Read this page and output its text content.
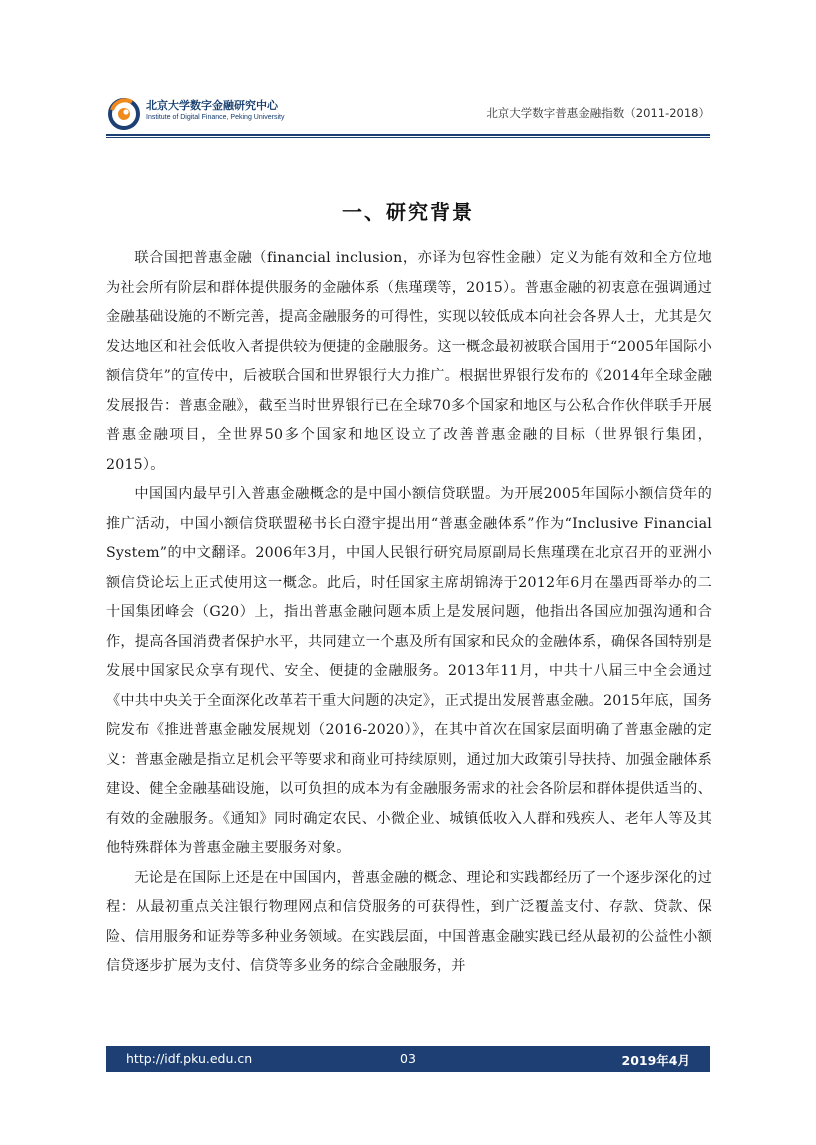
北京大学数字金融研究中心
Institute of Digital Finance, Peking University	北京大学数字普惠金融指数（2011-2018）
一、研究背景

联合国把普惠金融（financial inclusion，亦译为包容性金融）定义为能有效和全方位地为社会所有阶层和群体提供服务的金融体系（焦瑾璞等，2015）。普惠金融的初衷意在强调通过金融基础设施的不断完善，提高金融服务的可得性，实现以较低成本向社会各界人士，尤其是欠发达地区和社会低收入者提供较为便捷的金融服务。这一概念最初被联合国用于“2005年国际小额信贷年”的宣传中，后被联合国和世界银行大力推广。根据世界银行发布的《2014年全球金融发展报告：普惠金融》，截至当时世界银行已在全球70多个国家和地区与公私合作伙伴联手开展普惠金融项目，全世界50多个国家和地区设立了改善普惠金融的目标（世界银行集团，2015）。

中国国内最早引入普惠金融概念的是中国小额信贷联盟。为开展2005年国际小额信贷年的推广活动，中国小额信贷联盟秘书长白澄宇提出用“普惠金融体系”作为“Inclusive Financial System”的中文翻译。2006年3月，中国人民银行研究局原副局长焦瑾璞在北京召开的亚洲小额信贷论坛上正式使用这一概念。此后，时任国家主席胡锦涛于2012年6月在墨西哥举办的二十国集团峰会（G20）上，指出普惠金融问题本质上是发展问题，他指出各国应加强沟通和合作，提高各国消费者保护水平，共同建立一个惠及所有国家和民众的金融体系，确保各国特别是发展中国家民众享有现代、安全、便捷的金融服务。2013年11月，中共十八届三中全会通过《中共中央关于全面深化改革若干重大问题的决定》，正式提出发展普惠金融。2015年底，国务院发布《推进普惠金融发展规划（2016-2020）》，在其中首次在国家层面明确了普惠金融的定义：普惠金融是指立足机会平等要求和商业可持续原则，通过加大政策引导扶持、加强金融体系建设、健全金融基础设施，以可负担的成本为有金融服务需求的社会各阶层和群体提供适当的、有效的金融服务。《通知》同时确定农民、小微企业、城镇低收入人群和残疾人、老年人等及其他特殊群体为普惠金融主要服务对象。

无论是在国际上还是在中国国内，普惠金融的概念、理论和实践都经历了一个逐步深化的过程：从最初重点关注银行物理网点和信贷服务的可获得性，到广泛覆盖支付、存款、贷款、保险、信用服务和证券等多种业务领域。在实践层面，中国普惠金融实践已经从最初的公益性小额信贷逐步扩展为支付、信贷等多业务的综合金融服务，并

http://idf.pku.edu.cn	03	2019年4月
